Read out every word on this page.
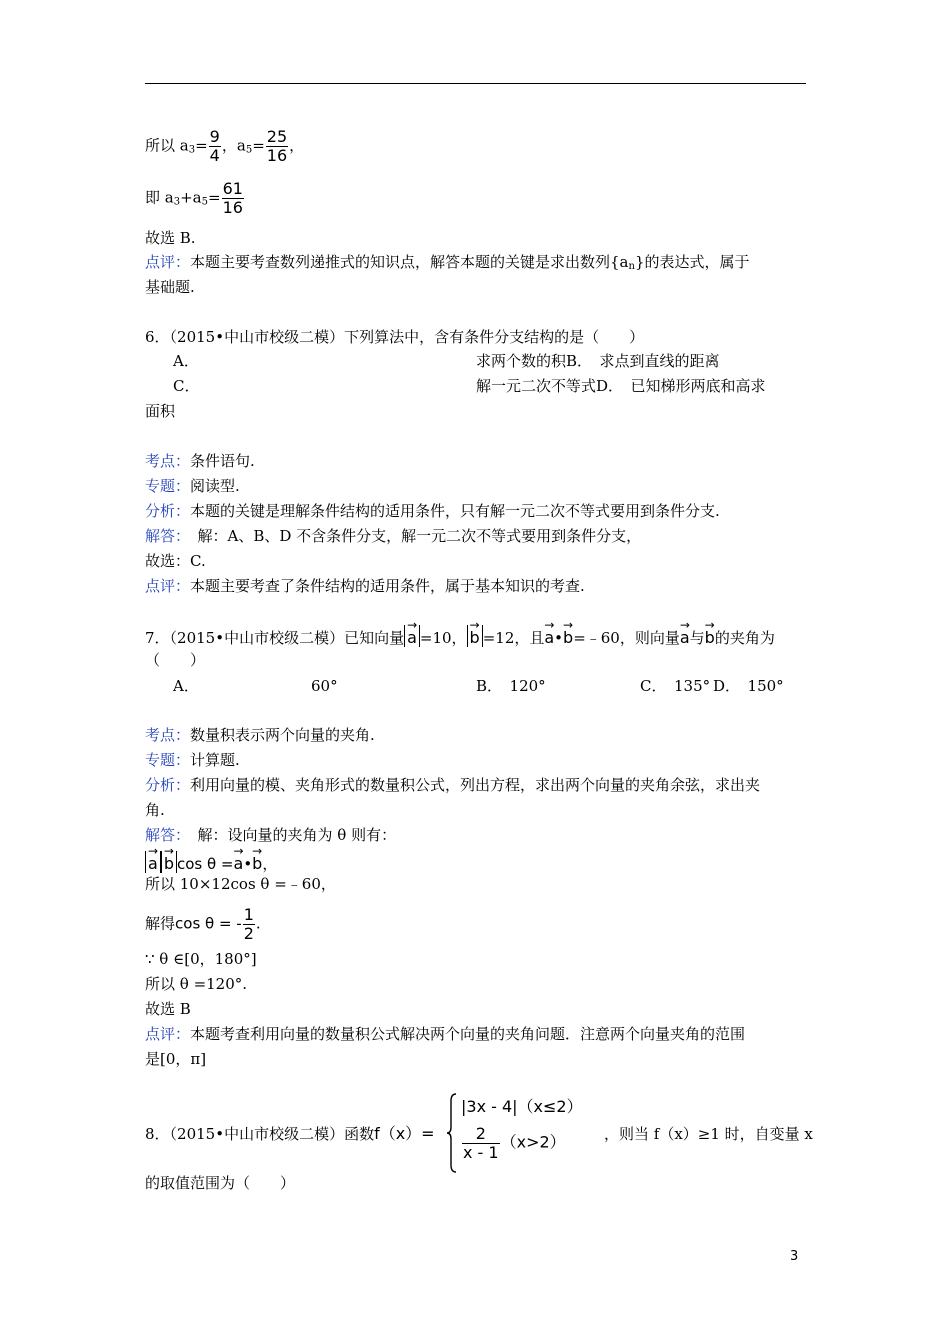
所以 $a_3= \frac{9}{4}$ ，$a_5= \frac{25}{16}$ ，
即 $a_3+a_5= \frac{61}{16}$
故选 B.
点评：本题主要考查数列递推式的知识点，解答本题的关键是求出数列$\{a_n\}$的表达式，属于
基础题.
6．（2015•中山市校级二模）下列算法中，含有条件分支结构的是（　　）
A．	求两个数的积B．　求点到直线的距离
C．	解一元二次不等式D．　已知梯形两底和高求
面积
考点：条件语句.
专题：阅读型.
分析：本题的关键是理解条件结构的适用条件，只有解一元二次不等式要用到条件分支.
解答：　解：A、B、D 不含条件分支，解一元二次不等式要用到条件分支，
故选：C.
点评：本题主要考查了条件结构的适用条件，属于基本知识的考查.
7．（2015•中山市校级二模）已知向量 → a =10， → b =12，且→ a•→ b=﹣60，则向量→ a与→ b的夹角为
（　　）
A．	60°	B．　120°	C．　135° D．　150°
考点：数量积表示两个向量的夹角.
专题：计算题.
分析：利用向量的模、夹角形式的数量积公式，列出方程，求出两个向量的夹角余弦，求出夹
角.
解答：　解：设向量的夹角为 θ 则有：
→ a → b cos θ =→ a•→ b，
所以 10×12cos θ =﹣60，
解得cos θ = - $\frac{1}{2}$ .
∵ θ ∈[0，180°]
所以 θ =120°.
故选 B
点评：本题考查利用向量的数量积公式解决两个向量的夹角问题．注意两个向量夹角的范围
是[0，π]
8．（2015•中山市校级二模）函数f（x）=
|3x - 4|（x≤2）
$\frac{2}{x - 1} (x>2)$	，则当 f（x）≥1 时，自变量 x
的取值范围为（　　）
3
